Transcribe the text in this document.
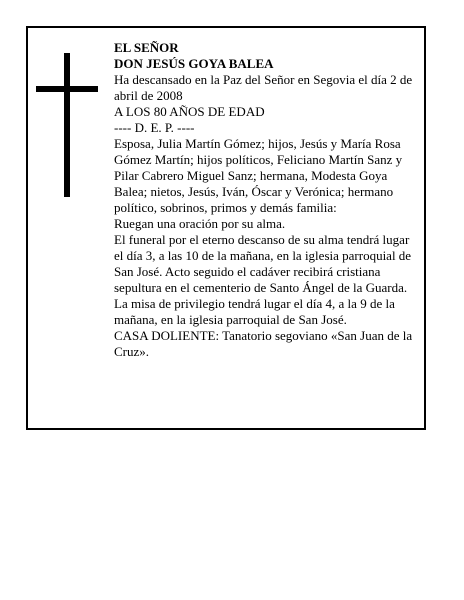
EL SEÑOR

DON JESÚS GOYA BALEA

Ha descansado en la Paz del Señor en Segovia el día 2 de abril de 2008

A LOS 80 AÑOS DE EDAD

---- D. E. P. ----

Esposa, Julia Martín Gómez; hijos, Jesús y María Rosa Gómez Martín; hijos políticos, Feliciano Martín Sanz y Pilar Cabrero Miguel Sanz; hermana, Modesta Goya Balea; nietos, Jesús, Iván, Óscar y Verónica; hermano político, sobrinos, primos y demás familia:

Ruegan una oración por su alma.

El funeral por el eterno descanso de su alma tendrá lugar el día 3, a las 10 de la mañana, en la iglesia parroquial de San José. Acto seguido el cadáver recibirá cristiana sepultura en el cementerio de Santo Ángel de la Guarda. La misa de privilegio tendrá lugar el día 4, a la 9 de la mañana, en la iglesia parroquial de San José.

CASA DOLIENTE: Tanatorio segoviano «San Juan de la Cruz».
